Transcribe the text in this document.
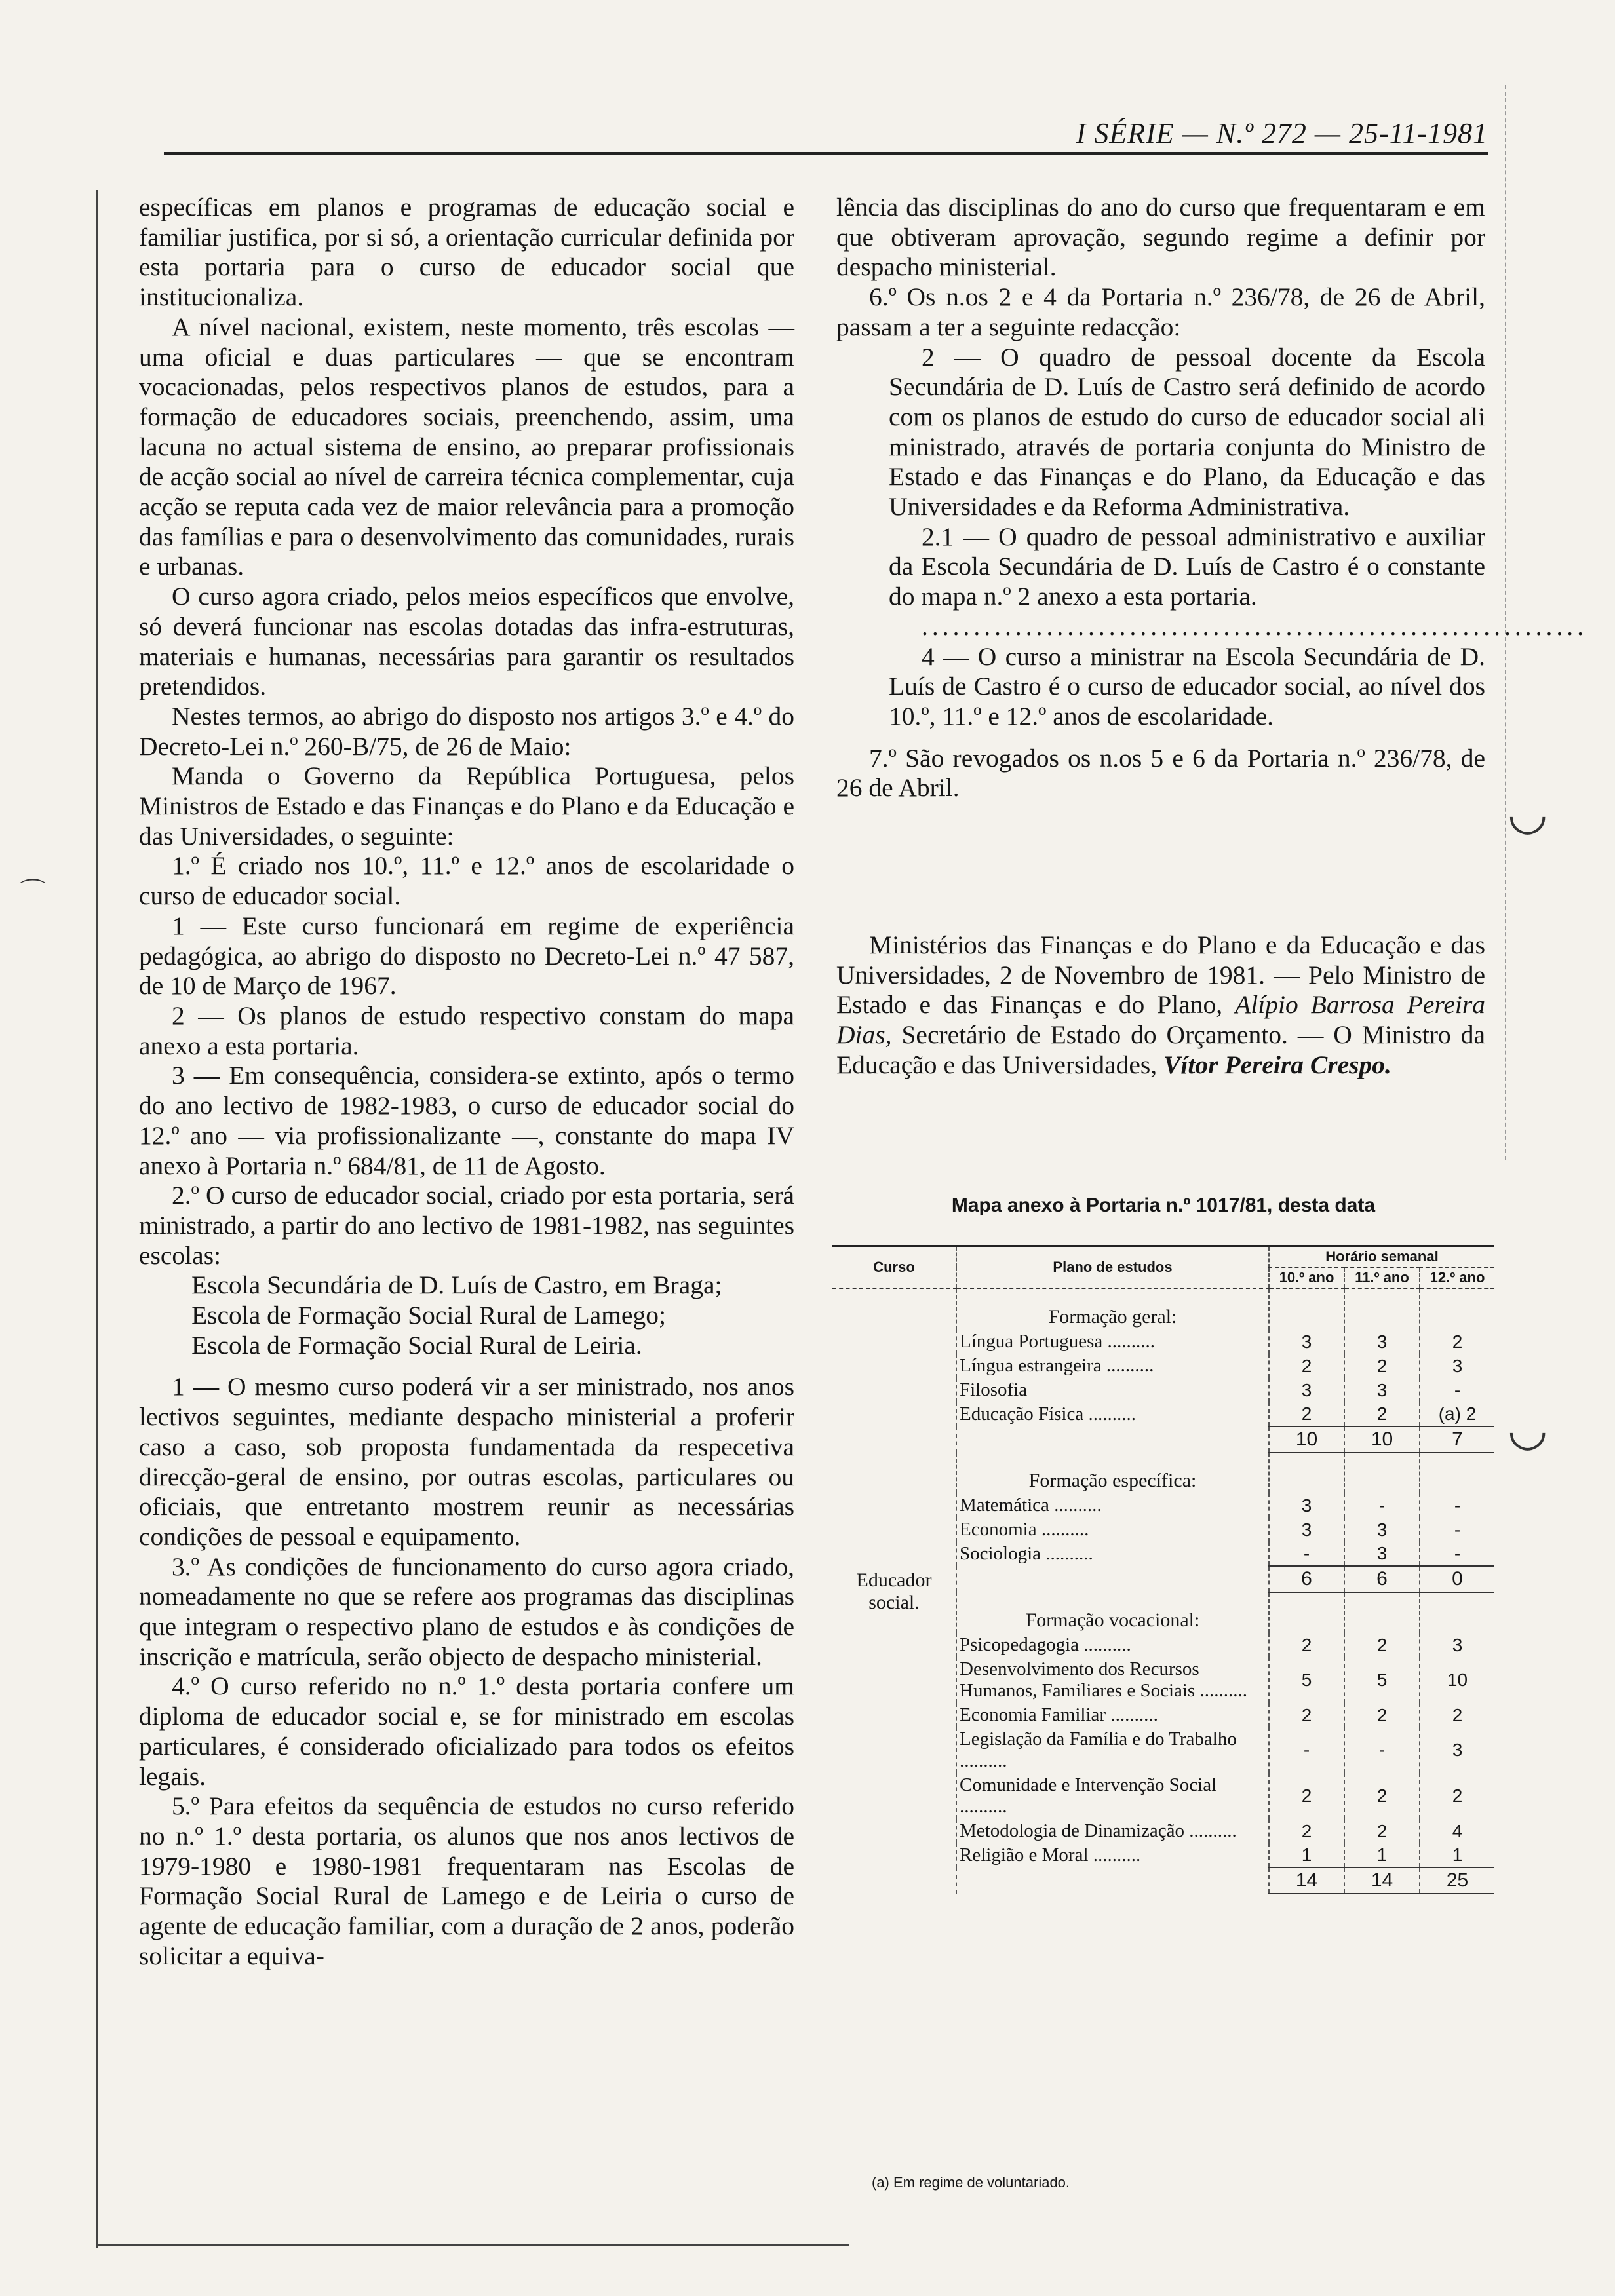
I SÉRIE — N.º 272 — 25-11-1981

específicas em planos e programas de educação social e familiar justifica, por si só, a orientação curricular definida por esta portaria para o curso de educador social que institucionaliza.

A nível nacional, existem, neste momento, três escolas — uma oficial e duas particulares — que se encontram vocacionadas, pelos respectivos planos de estudos, para a formação de educadores sociais, preenchendo, assim, uma lacuna no actual sistema de ensino, ao preparar profissionais de acção social ao nível de carreira técnica complementar, cuja acção se reputa cada vez de maior relevância para a promoção das famílias e para o desenvolvimento das comunidades, rurais e urbanas.

O curso agora criado, pelos meios específicos que envolve, só deverá funcionar nas escolas dotadas das infra-estruturas, materiais e humanas, necessárias para garantir os resultados pretendidos.

Nestes termos, ao abrigo do disposto nos artigos 3.º e 4.º do Decreto-Lei n.º 260-B/75, de 26 de Maio:

Manda o Governo da República Portuguesa, pelos Ministros de Estado e das Finanças e do Plano e da Educação e das Universidades, o seguinte:

1.º É criado nos 10.º, 11.º e 12.º anos de escolaridade o curso de educador social.

1 — Este curso funcionará em regime de experiência pedagógica, ao abrigo do disposto no Decreto-Lei n.º 47 587, de 10 de Março de 1967.

2 — Os planos de estudo respectivo constam do mapa anexo a esta portaria.

3 — Em consequência, considera-se extinto, após o termo do ano lectivo de 1982-1983, o curso de educador social do 12.º ano — via profissionalizante —, constante do mapa IV anexo à Portaria n.º 684/81, de 11 de Agosto.

2.º O curso de educador social, criado por esta portaria, será ministrado, a partir do ano lectivo de 1981-1982, nas seguintes escolas:

Escola Secundária de D. Luís de Castro, em Braga;

Escola de Formação Social Rural de Lamego;

Escola de Formação Social Rural de Leiria.

1 — O mesmo curso poderá vir a ser ministrado, nos anos lectivos seguintes, mediante despacho ministerial a proferir caso a caso, sob proposta fundamentada da respecetiva direcção-geral de ensino, por outras escolas, particulares ou oficiais, que entretanto mostrem reunir as necessárias condições de pessoal e equipamento.

3.º As condições de funcionamento do curso agora criado, nomeadamente no que se refere aos programas das disciplinas que integram o respectivo plano de estudos e às condições de inscrição e matrícula, serão objecto de despacho ministerial.

4.º O curso referido no n.º 1.º desta portaria confere um diploma de educador social e, se for ministrado em escolas particulares, é considerado oficializado para todos os efeitos legais.

5.º Para efeitos da sequência de estudos no curso referido no n.º 1.º desta portaria, os alunos que nos anos lectivos de 1979-1980 e 1980-1981 frequentaram nas Escolas de Formação Social Rural de Lamego e de Leiria o curso de agente de educação familiar, com a duração de 2 anos, poderão solicitar a equiva-

lência das disciplinas do ano do curso que frequentaram e em que obtiveram aprovação, segundo regime a definir por despacho ministerial.

6.º Os n.os 2 e 4 da Portaria n.º 236/78, de 26 de Abril, passam a ter a seguinte redacção:

2 — O quadro de pessoal docente da Escola Secundária de D. Luís de Castro será definido de acordo com os planos de estudo do curso de educador social ali ministrado, através de portaria conjunta do Ministro de Estado e das Finanças e do Plano, da Educação e das Universidades e da Reforma Administrativa.

2.1 — O quadro de pessoal administrativo e auxiliar da Escola Secundária de D. Luís de Castro é o constante do mapa n.º 2 anexo a esta portaria.

................................................................

4 — O curso a ministrar na Escola Secundária de D. Luís de Castro é o curso de educador social, ao nível dos 10.º, 11.º e 12.º anos de escolaridade.

7.º São revogados os n.os 5 e 6 da Portaria n.º 236/78, de 26 de Abril.

Ministérios das Finanças e do Plano e da Educação e das Universidades, 2 de Novembro de 1981. — Pelo Ministro de Estado e das Finanças e do Plano, Alípio Barrosa Pereira Dias, Secretário de Estado do Orçamento. — O Ministro da Educação e das Universidades, Vítor Pereira Crespo.

Mapa anexo à Portaria n.º 1017/81, desta data
Curso	Plano de estudos	Horário semanal		
		10.º ano	11.º ano	12.º ano
Educador social.	Formação geral:			
	Língua Portuguesa ..........	3	3	2
	Língua estrangeira ..........	2	2	3
	Filosofia	3	3	-
	Educação Física ..........	2	2	(a) 2
		10	10	7
	Formação específica:			
	Matemática ..........	3	-	-
	Economia ..........	3	3	-
	Sociologia ..........	-	3	-
		6	6	0
	Formação vocacional:			
	Psicopedagogia ..........	2	2	3
	Desenvolvimento dos Recursos Humanos, Familiares e Sociais ..........	5	5	10
	Economia Familiar ..........	2	2	2
	Legislação da Família e do Trabalho ..........	-	-	3
	Comunidade e Intervenção Social ..........	2	2	2
	Metodologia de Dinamização ..........	2	2	4
	Religião e Moral ..........	1	1	1
		14	14	25
(a) Em regime de voluntariado.
⌒
◡
◡
